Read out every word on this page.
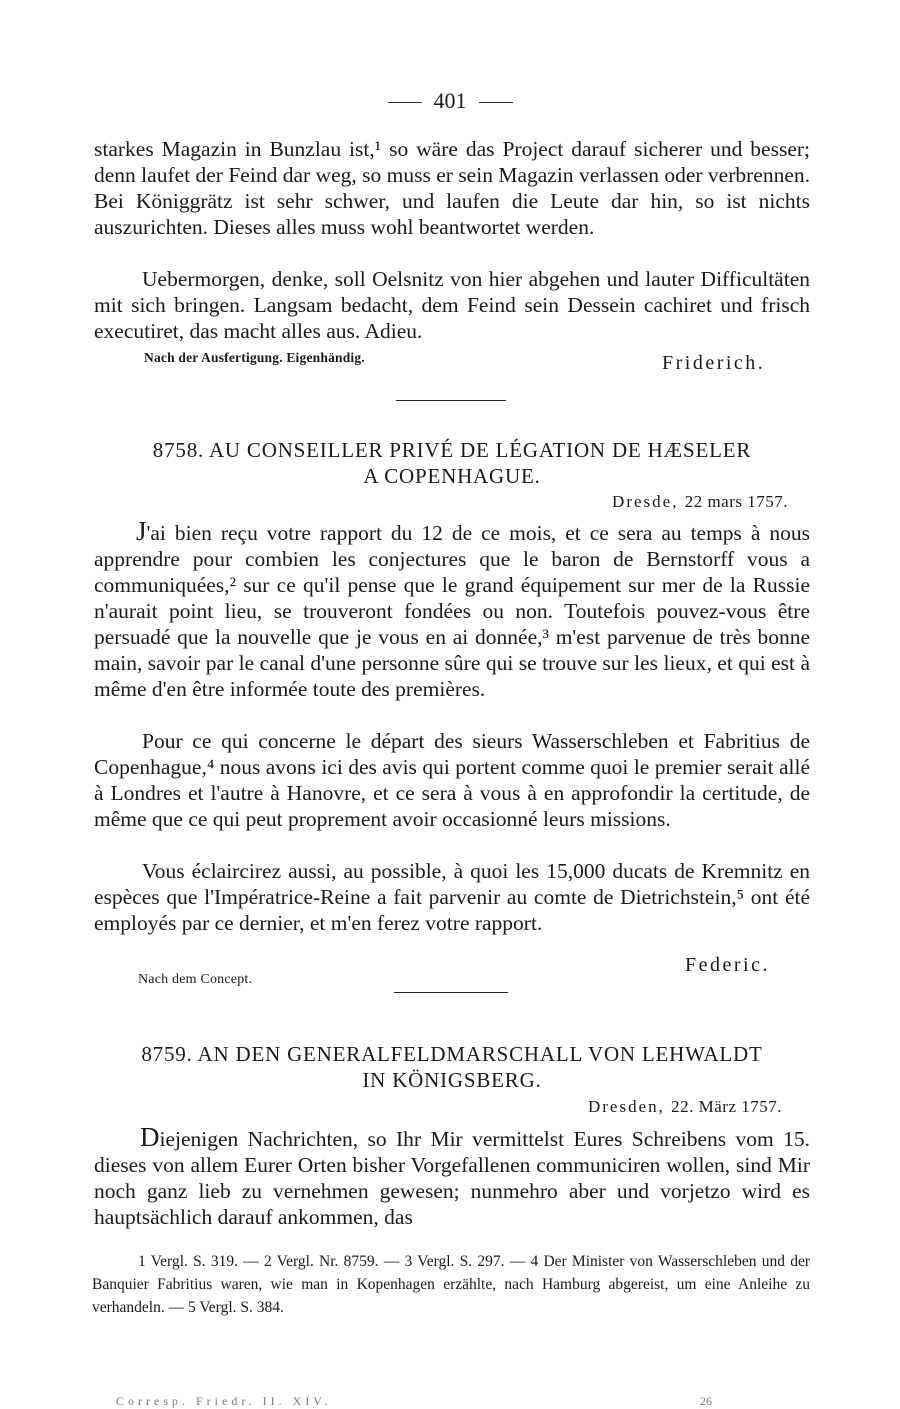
401
starkes Magazin in Bunzlau ist,¹ so wäre das Project darauf sicherer und besser; denn laufet der Feind dar weg, so muss er sein Magazin verlassen oder verbrennen. Bei Königgrätz ist sehr schwer, und laufen die Leute dar hin, so ist nichts auszurichten. Dieses alles muss wohl beantwortet werden.
Uebermorgen, denke, soll Oelsnitz von hier abgehen und lauter Difficultäten mit sich bringen. Langsam bedacht, dem Feind sein Dessein cachiret und frisch executiret, das macht alles aus. Adieu.
Nach der Ausfertigung. Eigenhändig.	Friderich.
8758. AU CONSEILLER PRIVÉ DE LÉGATION DE HÆSELER
A COPENHAGUE.
Dresde, 22 mars 1757.
J'ai bien reçu votre rapport du 12 de ce mois, et ce sera au temps à nous apprendre pour combien les conjectures que le baron de Bernstorff vous a communiquées,² sur ce qu'il pense que le grand équipement sur mer de la Russie n'aurait point lieu, se trouveront fondées ou non. Toutefois pouvez-vous être persuadé que la nouvelle que je vous en ai donnée,³ m'est parvenue de très bonne main, savoir par le canal d'une personne sûre qui se trouve sur les lieux, et qui est à même d'en être informée toute des premières.
Pour ce qui concerne le départ des sieurs Wasserschleben et Fabritius de Copenhague,⁴ nous avons ici des avis qui portent comme quoi le premier serait allé à Londres et l'autre à Hanovre, et ce sera à vous à en approfondir la certitude, de même que ce qui peut proprement avoir occasionné leurs missions.
Vous éclaircirez aussi, au possible, à quoi les 15,000 ducats de Kremnitz en espèces que l'Impératrice-Reine a fait parvenir au comte de Dietrichstein,⁵ ont été employés par ce dernier, et m'en ferez votre rapport.
Federic.
Nach dem Concept.
8759. AN DEN GENERALFELDMARSCHALL VON LEHWALDT
IN KÖNIGSBERG.
Dresden, 22. März 1757.
Diejenigen Nachrichten, so Ihr Mir vermittelst Eures Schreibens vom 15. dieses von allem Eurer Orten bisher Vorgefallenen communiciren wollen, sind Mir noch ganz lieb zu vernehmen gewesen; nunmehro aber und vorjetzo wird es hauptsächlich darauf ankommen, das
1 Vergl. S. 319. — 2 Vergl. Nr. 8759. — 3 Vergl. S. 297. — 4 Der Minister von Wasserschleben und der Banquier Fabritius waren, wie man in Kopenhagen erzählte, nach Hamburg abgereist, um eine Anleihe zu verhandeln. — 5 Vergl. S. 384.
Corresp. Friedr. II. XIV.	26
